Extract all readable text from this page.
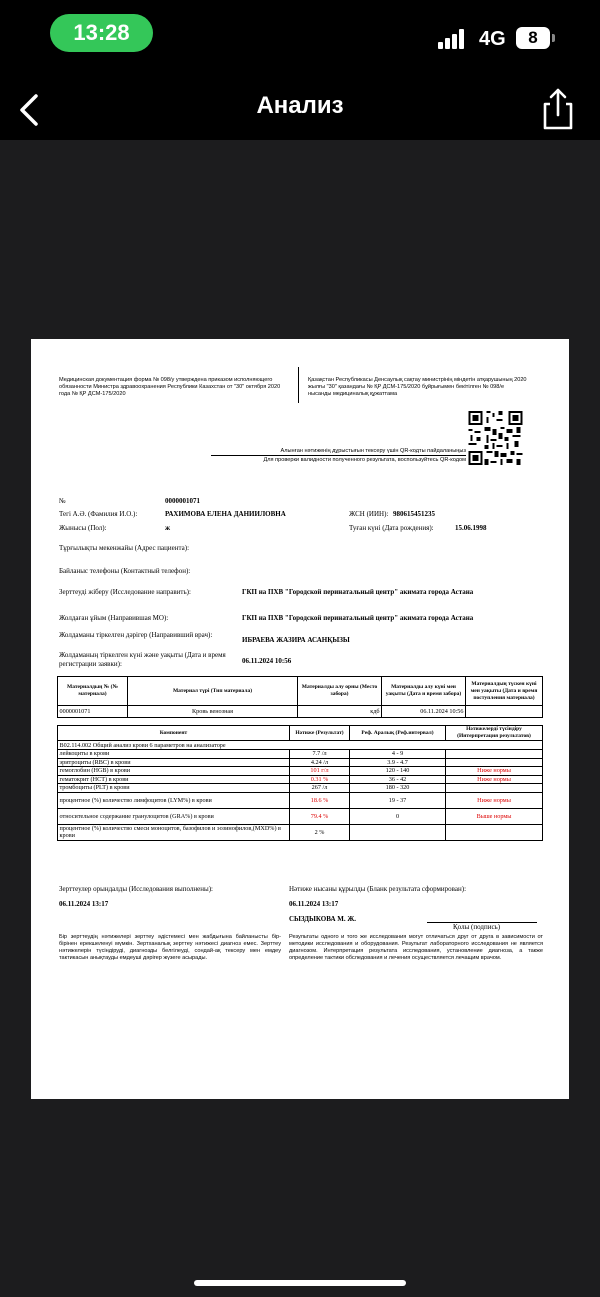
13:28	4G	8
Анализ
Медицинская документация форма № 098/у утверждена приказом исполняющего обязанности Министра здравоохранения Республики Казахстан от "30" октября 2020 года № ҚР ДСМ-175/2020
Қазақстан Республикасы Денсаулық сақтау министрінің міндетін атқарушының 2020 жылғы "30" қазандағы № ҚР ДСМ-175/2020 бұйрығымен бекітілген № 098/е нысанды медициналық құжаттама
Алынған нәтиженің дұрыстығын тексеру үшін QR-кодты пайдаланыңыз
Для проверки валидности полученного результата, воспользуйтесь QR-кодом
№	0000001071
Тегі А.Ә. (Фамилия И.О.):	РАХИМОВА ЕЛЕНА ДАНИИЛОВНА	ЖСН (ИИН): 980615451235
Жынысы (Пол):	ж	Туған күні (Дата рождения):	15.06.1998
Тұрғылықты мекенжайы (Адрес пациента):
Байланыс телефоны (Контактный телефон):
Зерттеуді жіберу (Исследование направить):	ГКП на ПХВ "Городской перинатальный центр" акимата города Астана
Жолдаған ұйым (Направившая МО):	ГКП на ПХВ "Городской перинатальный центр" акимата города Астана
Жолдаманы тіркелген дәрігер (Направивший врач):
ИБРАЕВА ЖАЗИРА АСАНҚЫЗЫ
Жолдаманың тіркелген күні және уақыты (Дата и время регистрации заявки):	06.11.2024 10:56
Материалдың № (№ материала)	Материал түрі (Тип материала)	Материалды алу орны (Место забора)	Материалды алу күні мен уақыты (Дата и время забора)	Материалдың түскен күні мен уақыты (Дата и время поступления материала)
0000001071	Кровь венозная	кдб	06.11.2024 10:56	
Компонент	Нәтиже (Результат)	Реф. Аралық (Реф.интервал)	Нәтижелерді түсіндіру (Интерпретация результатов)
B02.114.002 Общий анализ крови 6 параметров на анализаторе			
лейкоциты в крови	7.7 /л	4 - 9	
эритроциты (RBC) в крови	4.24 /л	3.9 - 4.7	
гемоглобин (HGB) в крови	101 г/л	120 - 140	Ниже нормы
гематокрит (HCT) в крови	0.31 %	36 - 42	Ниже нормы
тромбоциты (PLT) в крови	267 /л	180 - 320	
процентное (%) количество лимфоцитов (LYM%) в крови	18.6 %	19 - 37	Ниже нормы
относительное содержание гранулоцитов (GRA%) в крови	79.4 %	0	Выше нормы
процентное (%) количество смеси моноцитов, базофилов и эозинофилов,(MXD%) в крови	2 %		
Зерттеулер орындалды (Исследования выполнены):
06.11.2024 13:17
Нәтиже нысаны құрылды (Бланк результата сформирован):
06.11.2024 13:17
СЫЗДЫКОВА М. Ж.
Қолы (подпись)
Бір зерттеудің нәтижелері зерттеу әдістемесі мен жабдығына байланысты бір-бірінен ерекшеленуі мүмкін. Зертханалық зерттеу нәтижесі диагноз емес. Зерттеу нәтижелерін түсіндіруді, диагнозды белгілеуді, сондай-ақ тексеру мен емдеу тактикасын анықтауды емдеуші дәрігер жүзеге асырады.
Результаты одного и того же исследования могут отличаться друг от друга в зависимости от методики исследования и оборудования. Результат лабораторного исследования не является диагнозом. Интерпретация результата исследования, установление диагноза, а также определение тактики обследования и лечения осуществляется лечащим врачом.
